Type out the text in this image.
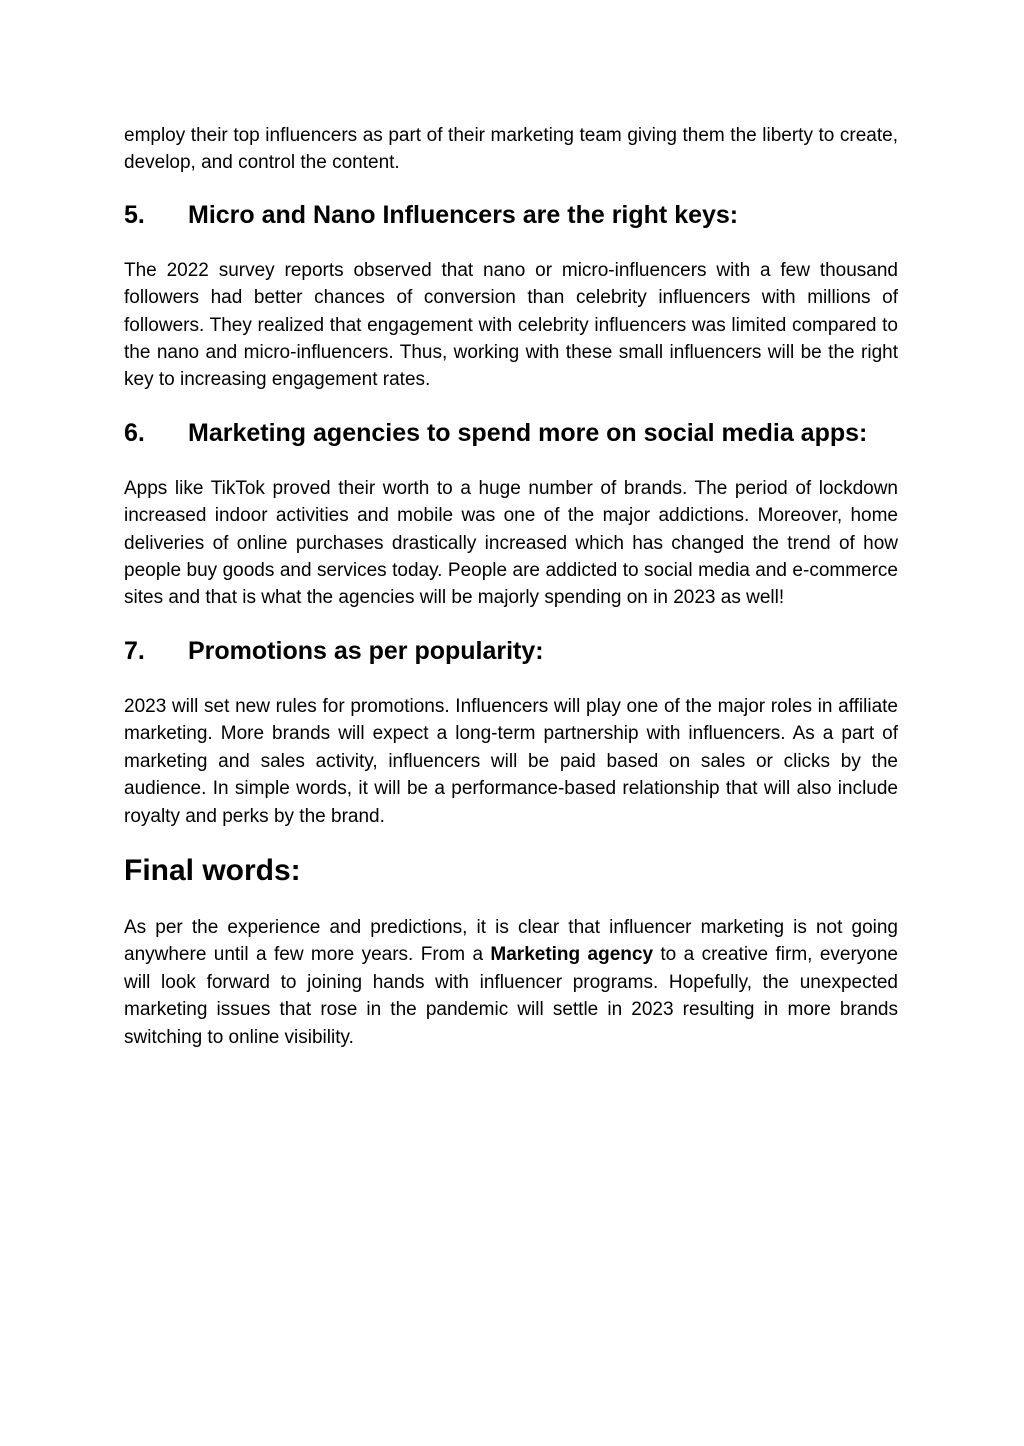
employ their top influencers as part of their marketing team giving them the liberty to create, develop, and control the content.

5.	Micro and Nano Influencers are the right keys:

The 2022 survey reports observed that nano or micro-influencers with a few thousand followers had better chances of conversion than celebrity influencers with millions of followers. They realized that engagement with celebrity influencers was limited compared to the nano and micro-influencers. Thus, working with these small influencers will be the right key to increasing engagement rates.

6.	Marketing agencies to spend more on social media apps:

Apps like TikTok proved their worth to a huge number of brands. The period of lockdown increased indoor activities and mobile was one of the major addictions. Moreover, home deliveries of online purchases drastically increased which has changed the trend of how people buy goods and services today. People are addicted to social media and e-commerce sites and that is what the agencies will be majorly spending on in 2023 as well!

7.	Promotions as per popularity:

2023 will set new rules for promotions. Influencers will play one of the major roles in affiliate marketing. More brands will expect a long-term partnership with influencers. As a part of marketing and sales activity, influencers will be paid based on sales or clicks by the audience. In simple words, it will be a performance-based relationship that will also include royalty and perks by the brand.

Final words:

As per the experience and predictions, it is clear that influencer marketing is not going anywhere until a few more years. From a Marketing agency to a creative firm, everyone will look forward to joining hands with influencer programs. Hopefully, the unexpected marketing issues that rose in the pandemic will settle in 2023 resulting in more brands switching to online visibility.
